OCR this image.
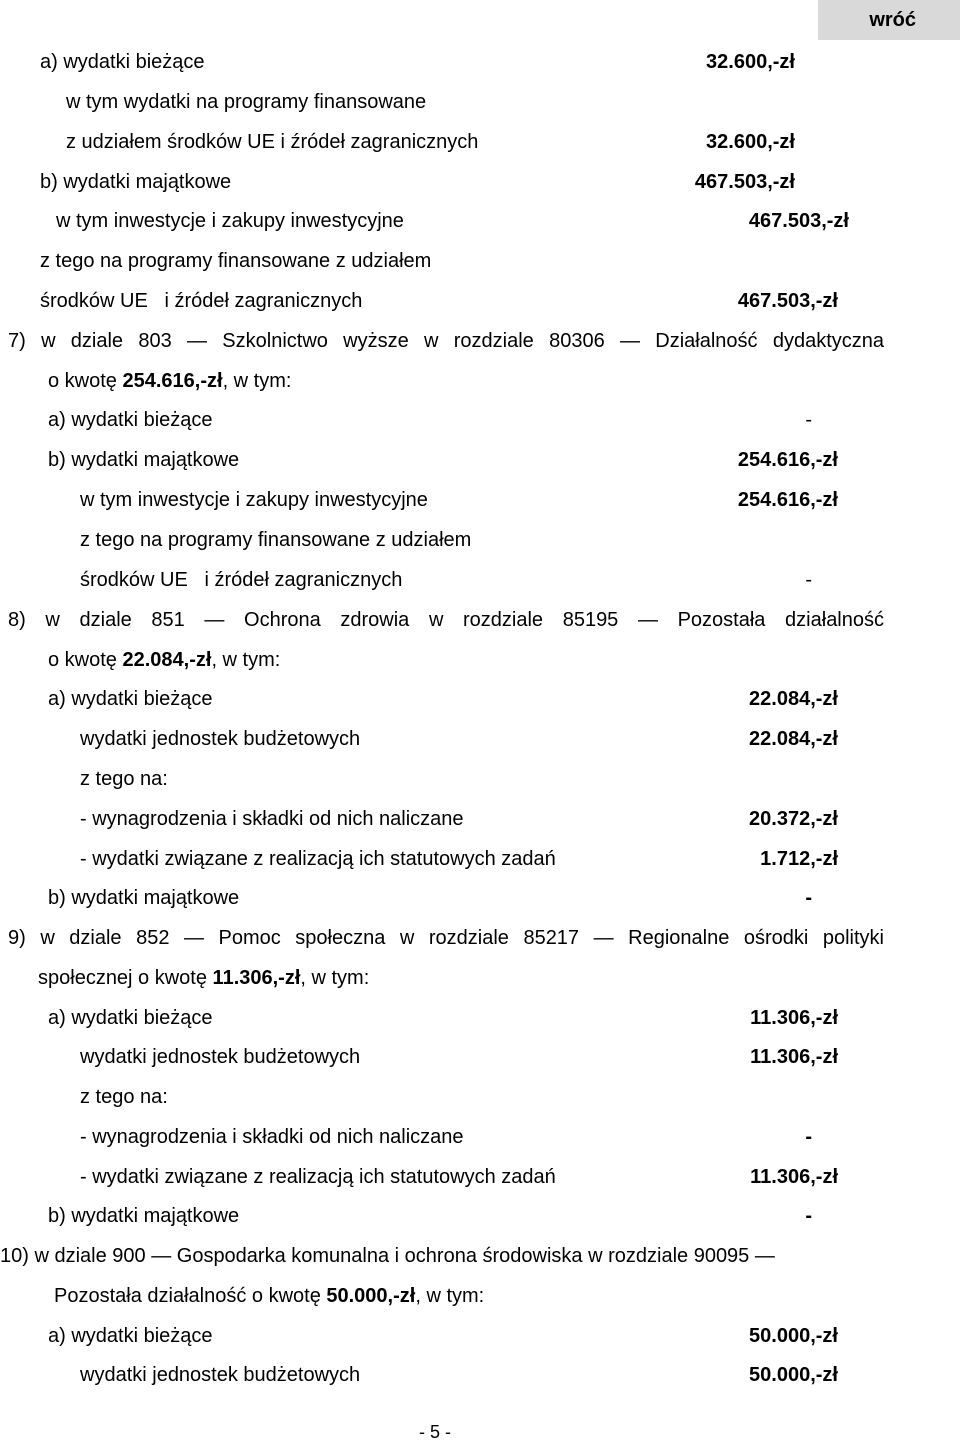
wróć
a) wydatki bieżące	32.600,-zł
w tym wydatki na programy finansowane
z udziałem środków UE i źródeł zagranicznych	32.600,-zł
b) wydatki majątkowe	467.503,-zł
w tym inwestycje i zakupy inwestycyjne	467.503,-zł
z tego na programy finansowane z udziałem
środków UE   i źródeł zagranicznych	467.503,-zł
7) w dziale 803 — Szkolnictwo wyższe w rozdziale 80306 — Działalność dydaktyczna
o kwotę 254.616,-zł, w tym:
a) wydatki bieżące	-
b) wydatki majątkowe	254.616,-zł
w tym inwestycje i zakupy inwestycyjne	254.616,-zł
z tego na programy finansowane z udziałem
środków UE   i źródeł zagranicznych	-
8) w dziale 851 — Ochrona zdrowia w rozdziale 85195 — Pozostała działalność
o kwotę 22.084,-zł, w tym:
a) wydatki bieżące	22.084,-zł
wydatki jednostek budżetowych	22.084,-zł
z tego na:
- wynagrodzenia i składki od nich naliczane	20.372,-zł
- wydatki związane z realizacją ich statutowych zadań	1.712,-zł
b) wydatki majątkowe	-
9) w dziale 852 — Pomoc społeczna w rozdziale 85217 — Regionalne ośrodki polityki
społecznej o kwotę 11.306,-zł, w tym:
a) wydatki bieżące	11.306,-zł
wydatki jednostek budżetowych	11.306,-zł
z tego na:
- wynagrodzenia i składki od nich naliczane	-
- wydatki związane z realizacją ich statutowych zadań	11.306,-zł
b) wydatki majątkowe	-
10) w dziale 900 — Gospodarka komunalna i ochrona środowiska w rozdziale 90095 —
Pozostała działalność o kwotę 50.000,-zł, w tym:
a) wydatki bieżące	50.000,-zł
wydatki jednostek budżetowych	50.000,-zł
- 5 -
